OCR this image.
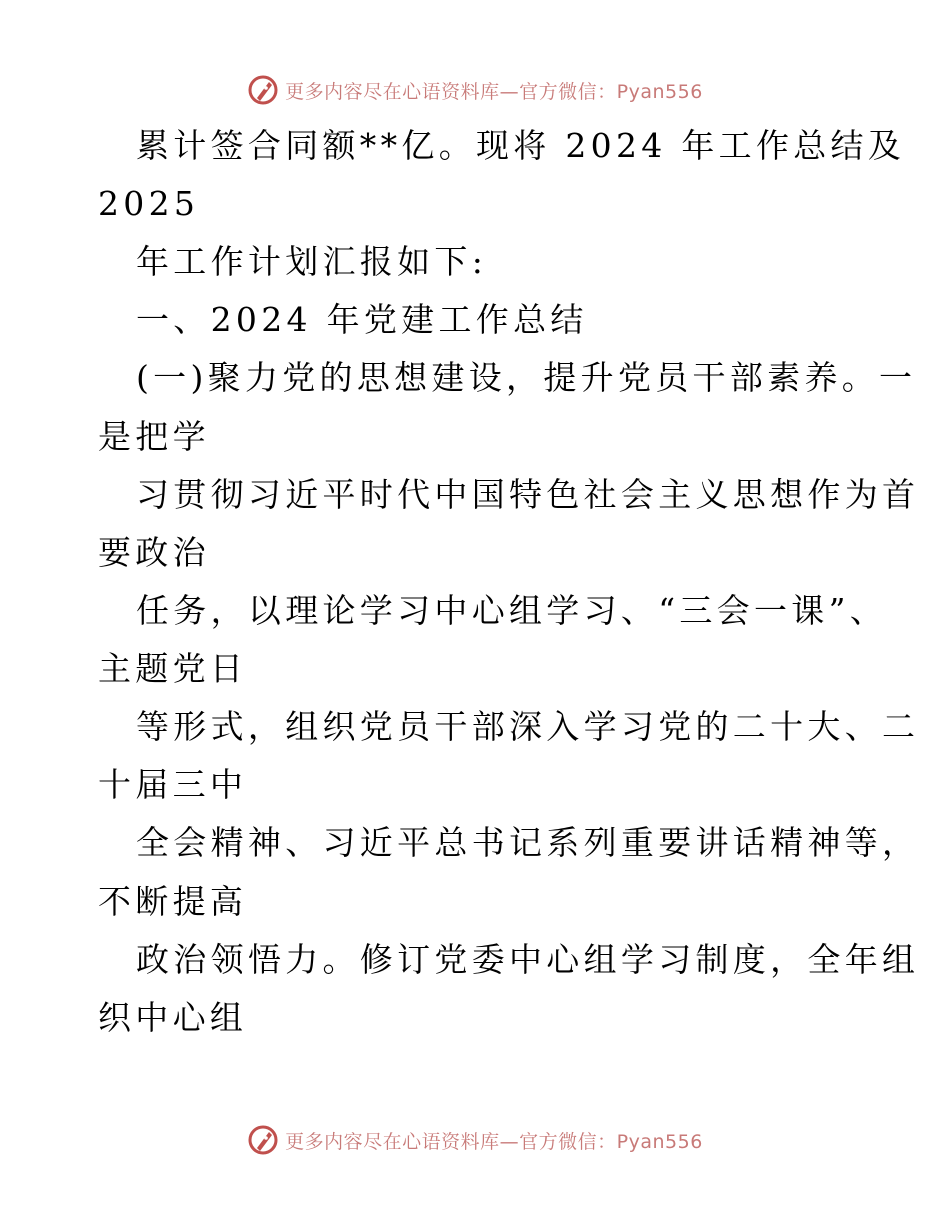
更多内容尽在心语资料库—官方微信：Pyan556
累计签合同额**亿。现将 2024 年工作总结及
2025
年工作计划汇报如下:
一、2024 年党建工作总结
(一)聚力党的思想建设，提升党员干部素养。一
是把学
习贯彻习近平时代中国特色社会主义思想作为首
要政治
任务，以理论学习中心组学习、“三会一课”、
主题党日
等形式，组织党员干部深入学习党的二十大、二
十届三中
全会精神、习近平总书记系列重要讲话精神等，
不断提高
政治领悟力。修订党委中心组学习制度，全年组
织中心组
更多内容尽在心语资料库—官方微信：Pyan556
